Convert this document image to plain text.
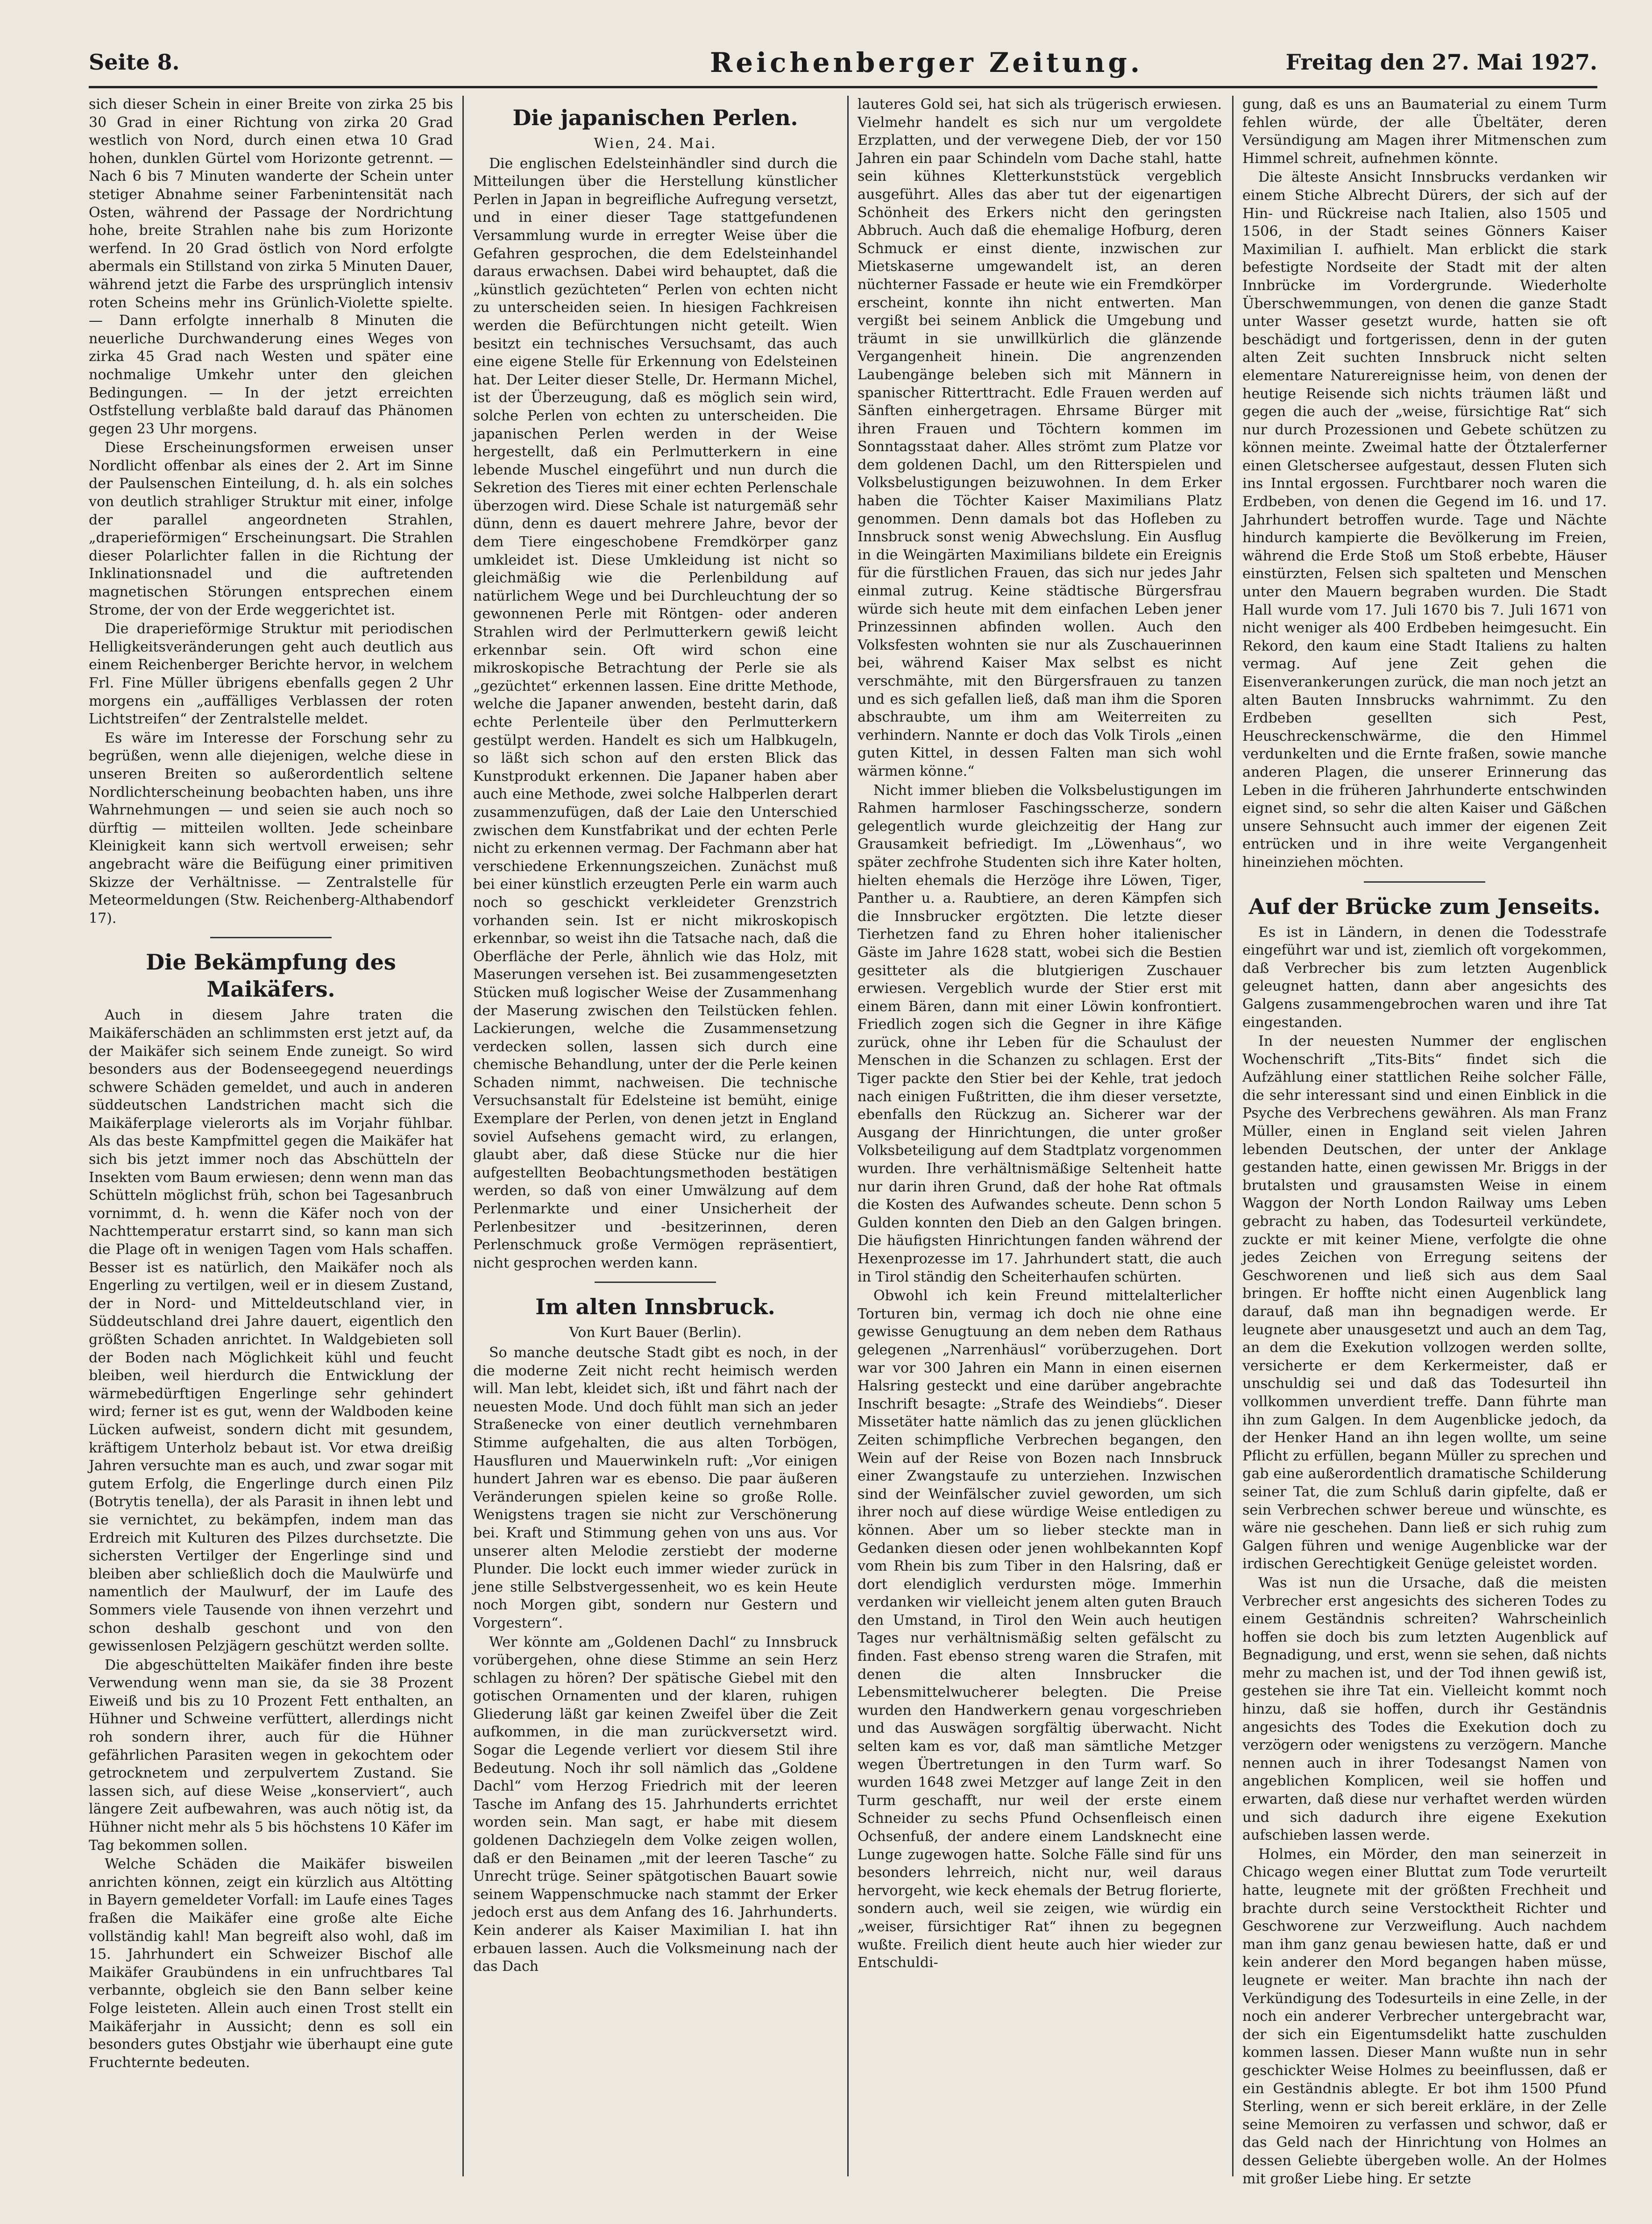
Seite 8.	Reichenberger Zeitung.	Freitag den 27. Mai 1927.

sich dieser Schein in einer Breite von zirka 25 bis 30 Grad in einer Richtung von zirka 20 Grad westlich von Nord, durch einen etwa 10 Grad hohen, dunklen Gürtel vom Horizonte getrennt. — Nach 6 bis 7 Minuten wanderte der Schein unter stetiger Abnahme seiner Farbenintensität nach Osten, während der Passage der Nordrichtung hohe, breite Strahlen nahe bis zum Horizonte werfend. In 20 Grad östlich von Nord erfolgte abermals ein Stillstand von zirka 5 Minuten Dauer, während jetzt die Farbe des ursprünglich intensiv roten Scheins mehr ins Grünlich-Violette spielte. — Dann erfolgte innerhalb 8 Minuten die neuerliche Durchwanderung eines Weges von zirka 45 Grad nach Westen und später eine nochmalige Umkehr unter den gleichen Bedingungen. — In der jetzt erreichten Ostfstellung verblaßte bald darauf das Phänomen gegen 23 Uhr morgens.

Diese Erscheinungsformen erweisen unser Nordlicht offenbar als eines der 2. Art im Sinne der Paulsenschen Einteilung, d. h. als ein solches von deutlich strahliger Struktur mit einer, infolge der parallel angeordneten Strahlen, „draperieförmigen“ Erscheinungsart. Die Strahlen dieser Polarlichter fallen in die Richtung der Inklinationsnadel und die auftretenden magnetischen Störungen entsprechen einem Strome, der von der Erde weggerichtet ist.

Die draperieförmige Struktur mit periodischen Helligkeitsveränderungen geht auch deutlich aus einem Reichenberger Berichte hervor, in welchem Frl. Fine Müller übrigens ebenfalls gegen 2 Uhr morgens ein „auffälliges Verblassen der roten Lichtstreifen“ der Zentralstelle meldet.

Es wäre im Interesse der Forschung sehr zu begrüßen, wenn alle diejenigen, welche diese in unseren Breiten so außerordentlich seltene Nordlichterscheinung beobachten haben, uns ihre Wahrnehmungen — und seien sie auch noch so dürftig — mitteilen wollten. Jede scheinbare Kleinigkeit kann sich wertvoll erweisen; sehr angebracht wäre die Beifügung einer primitiven Skizze der Verhältnisse. — Zentralstelle für Meteormeldungen (Stw. Reichenberg-Althabendorf 17).

Die Bekämpfung des Maikäfers.

Auch in diesem Jahre traten die Maikäferschäden an schlimmsten erst jetzt auf, da der Maikäfer sich seinem Ende zuneigt. So wird besonders aus der Bodenseegegend neuerdings schwere Schäden gemeldet, und auch in anderen süddeutschen Landstrichen macht sich die Maikäferplage vielerorts als im Vorjahr fühlbar. Als das beste Kampfmittel gegen die Maikäfer hat sich bis jetzt immer noch das Abschütteln der Insekten vom Baum erwiesen; denn wenn man das Schütteln möglichst früh, schon bei Tagesanbruch vornimmt, d. h. wenn die Käfer noch von der Nachttemperatur erstarrt sind, so kann man sich die Plage oft in wenigen Tagen vom Hals schaffen. Besser ist es natürlich, den Maikäfer noch als Engerling zu vertilgen, weil er in diesem Zustand, der in Nord- und Mitteldeutschland vier, in Süddeutschland drei Jahre dauert, eigentlich den größten Schaden anrichtet. In Waldgebieten soll der Boden nach Möglichkeit kühl und feucht bleiben, weil hierdurch die Entwicklung der wärmebedürftigen Engerlinge sehr gehindert wird; ferner ist es gut, wenn der Waldboden keine Lücken aufweist, sondern dicht mit gesundem, kräftigem Unterholz bebaut ist. Vor etwa dreißig Jahren versuchte man es auch, und zwar sogar mit gutem Erfolg, die Engerlinge durch einen Pilz (Botrytis tenella), der als Parasit in ihnen lebt und sie vernichtet, zu bekämpfen, indem man das Erdreich mit Kulturen des Pilzes durchsetzte. Die sichersten Vertilger der Engerlinge sind und bleiben aber schließlich doch die Maulwürfe und namentlich der Maulwurf, der im Laufe des Sommers viele Tausende von ihnen verzehrt und schon deshalb geschont und von den gewissenlosen Pelzjägern geschützt werden sollte.

Die abgeschüttelten Maikäfer finden ihre beste Verwendung wenn man sie, da sie 38 Prozent Eiweiß und bis zu 10 Prozent Fett enthalten, an Hühner und Schweine verfüttert, allerdings nicht roh sondern ihrer, auch für die Hühner gefährlichen Parasiten wegen in gekochtem oder getrocknetem und zerpulvertem Zustand. Sie lassen sich, auf diese Weise „konserviert“, auch längere Zeit aufbewahren, was auch nötig ist, da Hühner nicht mehr als 5 bis höchstens 10 Käfer im Tag bekommen sollen.

Welche Schäden die Maikäfer bisweilen anrichten können, zeigt ein kürzlich aus Altötting in Bayern gemeldeter Vorfall: im Laufe eines Tages fraßen die Maikäfer eine große alte Eiche vollständig kahl! Man begreift also wohl, daß im 15. Jahrhundert ein Schweizer Bischof alle Maikäfer Graubündens in ein unfruchtbares Tal verbannte, obgleich sie den Bann selber keine Folge leisteten. Allein auch einen Trost stellt ein Maikäferjahr in Aussicht; denn es soll ein besonders gutes Obstjahr wie überhaupt eine gute Fruchternte bedeuten.

Die japanischen Perlen.

Wien, 24. Mai.

Die englischen Edelsteinhändler sind durch die Mitteilungen über die Herstellung künstlicher Perlen in Japan in begreifliche Aufregung versetzt, und in einer dieser Tage stattgefundenen Versammlung wurde in erregter Weise über die Gefahren gesprochen, die dem Edelsteinhandel daraus erwachsen. Dabei wird behauptet, daß die „künstlich gezüchteten“ Perlen von echten nicht zu unterscheiden seien. In hiesigen Fachkreisen werden die Befürchtungen nicht geteilt. Wien besitzt ein technisches Versuchsamt, das auch eine eigene Stelle für Erkennung von Edelsteinen hat. Der Leiter dieser Stelle, Dr. Hermann Michel, ist der Überzeugung, daß es möglich sein wird, solche Perlen von echten zu unterscheiden. Die japanischen Perlen werden in der Weise hergestellt, daß ein Perlmutterkern in eine lebende Muschel eingeführt und nun durch die Sekretion des Tieres mit einer echten Perlenschale überzogen wird. Diese Schale ist naturgemäß sehr dünn, denn es dauert mehrere Jahre, bevor der dem Tiere eingeschobene Fremdkörper ganz umkleidet ist. Diese Umkleidung ist nicht so gleichmäßig wie die Perlenbildung auf natürlichem Wege und bei Durchleuchtung der so gewonnenen Perle mit Röntgen- oder anderen Strahlen wird der Perlmutterkern gewiß leicht erkennbar sein. Oft wird schon eine mikroskopische Betrachtung der Perle sie als „gezüchtet“ erkennen lassen. Eine dritte Methode, welche die Japaner anwenden, besteht darin, daß echte Perlenteile über den Perlmutterkern gestülpt werden. Handelt es sich um Halbkugeln, so läßt sich schon auf den ersten Blick das Kunstprodukt erkennen. Die Japaner haben aber auch eine Methode, zwei solche Halbperlen derart zusammenzufügen, daß der Laie den Unterschied zwischen dem Kunstfabrikat und der echten Perle nicht zu erkennen vermag. Der Fachmann aber hat verschiedene Erkennungszeichen. Zunächst muß bei einer künstlich erzeugten Perle ein warm auch noch so geschickt verkleideter Grenzstrich vorhanden sein. Ist er nicht mikroskopisch erkennbar, so weist ihn die Tatsache nach, daß die Oberfläche der Perle, ähnlich wie das Holz, mit Maserungen versehen ist. Bei zusammengesetzten Stücken muß logischer Weise der Zusammenhang der Maserung zwischen den Teilstücken fehlen. Lackierungen, welche die Zusammensetzung verdecken sollen, lassen sich durch eine chemische Behandlung, unter der die Perle keinen Schaden nimmt, nachweisen. Die technische Versuchsanstalt für Edelsteine ist bemüht, einige Exemplare der Perlen, von denen jetzt in England soviel Aufsehens gemacht wird, zu erlangen, glaubt aber, daß diese Stücke nur die hier aufgestellten Beobachtungsmethoden bestätigen werden, so daß von einer Umwälzung auf dem Perlenmarkte und einer Unsicherheit der Perlenbesitzer und -besitzerinnen, deren Perlenschmuck große Vermögen repräsentiert, nicht gesprochen werden kann.

Im alten Innsbruck.

Von Kurt Bauer (Berlin).

So manche deutsche Stadt gibt es noch, in der die moderne Zeit nicht recht heimisch werden will. Man lebt, kleidet sich, ißt und fährt nach der neuesten Mode. Und doch fühlt man sich an jeder Straßenecke von einer deutlich vernehmbaren Stimme aufgehalten, die aus alten Torbögen, Hausfluren und Mauerwinkeln ruft: „Vor einigen hundert Jahren war es ebenso. Die paar äußeren Veränderungen spielen keine so große Rolle. Wenigstens tragen sie nicht zur Verschönerung bei. Kraft und Stimmung gehen von uns aus. Vor unserer alten Melodie zerstiebt der moderne Plunder. Die lockt euch immer wieder zurück in jene stille Selbstvergessenheit, wo es kein Heute noch Morgen gibt, sondern nur Gestern und Vorgestern“.

Wer könnte am „Goldenen Dachl“ zu Innsbruck vorübergehen, ohne diese Stimme an sein Herz schlagen zu hören? Der spätische Giebel mit den gotischen Ornamenten und der klaren, ruhigen Gliederung läßt gar keinen Zweifel über die Zeit aufkommen, in die man zurückversetzt wird. Sogar die Legende verliert vor diesem Stil ihre Bedeutung. Noch ihr soll nämlich das „Goldene Dachl“ vom Herzog Friedrich mit der leeren Tasche im Anfang des 15. Jahrhunderts errichtet worden sein. Man sagt, er habe mit diesem goldenen Dachziegeln dem Volke zeigen wollen, daß er den Beinamen „mit der leeren Tasche“ zu Unrecht trüge. Seiner spätgotischen Bauart sowie seinem Wappenschmucke nach stammt der Erker jedoch erst aus dem Anfang des 16. Jahrhunderts. Kein anderer als Kaiser Maximilian I. hat ihn erbauen lassen. Auch die Volksmeinung nach der das Dach

lauteres Gold sei, hat sich als trügerisch erwiesen. Vielmehr handelt es sich nur um vergoldete Erzplatten, und der verwegene Dieb, der vor 150 Jahren ein paar Schindeln vom Dache stahl, hatte sein kühnes Kletterkunststück vergeblich ausgeführt. Alles das aber tut der eigenartigen Schönheit des Erkers nicht den geringsten Abbruch. Auch daß die ehemalige Hofburg, deren Schmuck er einst diente, inzwischen zur Mietskaserne umgewandelt ist, an deren nüchterner Fassade er heute wie ein Fremdkörper erscheint, konnte ihn nicht entwerten. Man vergißt bei seinem Anblick die Umgebung und träumt in sie unwillkürlich die glänzende Vergangenheit hinein. Die angrenzenden Laubengänge beleben sich mit Männern in spanischer Ritterttracht. Edle Frauen werden auf Sänften einhergetragen. Ehrsame Bürger mit ihren Frauen und Töchtern kommen im Sonntagsstaat daher. Alles strömt zum Platze vor dem goldenen Dachl, um den Ritterspielen und Volksbelustigungen beizuwohnen. In dem Erker haben die Töchter Kaiser Maximilians Platz genommen. Denn damals bot das Hofleben zu Innsbruck sonst wenig Abwechslung. Ein Ausflug in die Weingärten Maximilians bildete ein Ereignis für die fürstlichen Frauen, das sich nur jedes Jahr einmal zutrug. Keine städtische Bürgersfrau würde sich heute mit dem einfachen Leben jener Prinzessinnen abfinden wollen. Auch den Volksfesten wohnten sie nur als Zuschauerinnen bei, während Kaiser Max selbst es nicht verschmähte, mit den Bürgersfrauen zu tanzen und es sich gefallen ließ, daß man ihm die Sporen abschraubte, um ihm am Weiterreiten zu verhindern. Nannte er doch das Volk Tirols „einen guten Kittel, in dessen Falten man sich wohl wärmen könne.“

Nicht immer blieben die Volksbelustigungen im Rahmen harmloser Faschingsscherze, sondern gelegentlich wurde gleichzeitig der Hang zur Grausamkeit befriedigt. Im „Löwenhaus“, wo später zechfrohe Studenten sich ihre Kater holten, hielten ehemals die Herzöge ihre Löwen, Tiger, Panther u. a. Raubtiere, an deren Kämpfen sich die Innsbrucker ergötzten. Die letzte dieser Tierhetzen fand zu Ehren hoher italienischer Gäste im Jahre 1628 statt, wobei sich die Bestien gesitteter als die blutgierigen Zuschauer erwiesen. Vergeblich wurde der Stier erst mit einem Bären, dann mit einer Löwin konfrontiert. Friedlich zogen sich die Gegner in ihre Käfige zurück, ohne ihr Leben für die Schaulust der Menschen in die Schanzen zu schlagen. Erst der Tiger packte den Stier bei der Kehle, trat jedoch nach einigen Fußtritten, die ihm dieser versetzte, ebenfalls den Rückzug an. Sicherer war der Ausgang der Hinrichtungen, die unter großer Volksbeteiligung auf dem Stadtplatz vorgenommen wurden. Ihre verhältnismäßige Seltenheit hatte nur darin ihren Grund, daß der hohe Rat oftmals die Kosten des Aufwandes scheute. Denn schon 5 Gulden konnten den Dieb an den Galgen bringen. Die häufigsten Hinrichtungen fanden während der Hexenprozesse im 17. Jahrhundert statt, die auch in Tirol ständig den Scheiterhaufen schürten.

Obwohl ich kein Freund mittelalterlicher Torturen bin, vermag ich doch nie ohne eine gewisse Genugtuung an dem neben dem Rathaus gelegenen „Narrenhäusl“ vorüberzugehen. Dort war vor 300 Jahren ein Mann in einen eisernen Halsring gesteckt und eine darüber angebrachte Inschrift besagte: „Strafe des Weindiebs“. Dieser Missetäter hatte nämlich das zu jenen glücklichen Zeiten schimpfliche Verbrechen begangen, den Wein auf der Reise von Bozen nach Innsbruck einer Zwangstaufe zu unterziehen. Inzwischen sind der Weinfälscher zuviel geworden, um sich ihrer noch auf diese würdige Weise entledigen zu können. Aber um so lieber steckte man in Gedanken diesen oder jenen wohlbekannten Kopf vom Rhein bis zum Tiber in den Halsring, daß er dort elendiglich verdursten möge. Immerhin verdanken wir vielleicht jenem alten guten Brauch den Umstand, in Tirol den Wein auch heutigen Tages nur verhältnismäßig selten gefälscht zu finden. Fast ebenso streng waren die Strafen, mit denen die alten Innsbrucker die Lebensmittelwucherer belegten. Die Preise wurden den Handwerkern genau vorgeschrieben und das Auswägen sorgfältig überwacht. Nicht selten kam es vor, daß man sämtliche Metzger wegen Übertretungen in den Turm warf. So wurden 1648 zwei Metzger auf lange Zeit in den Turm geschafft, nur weil der erste einem Schneider zu sechs Pfund Ochsenfleisch einen Ochsenfuß, der andere einem Landsknecht eine Lunge zugewogen hatte. Solche Fälle sind für uns besonders lehrreich, nicht nur, weil daraus hervorgeht, wie keck ehemals der Betrug florierte, sondern auch, weil sie zeigen, wie würdig ein „weiser, fürsichtiger Rat“ ihnen zu begegnen wußte. Freilich dient heute auch hier wieder zur Entschuldi-

gung, daß es uns an Baumaterial zu einem Turm fehlen würde, der alle Übeltäter, deren Versündigung am Magen ihrer Mitmenschen zum Himmel schreit, aufnehmen könnte.

Die älteste Ansicht Innsbrucks verdanken wir einem Stiche Albrecht Dürers, der sich auf der Hin- und Rückreise nach Italien, also 1505 und 1506, in der Stadt seines Gönners Kaiser Maximilian I. aufhielt. Man erblickt die stark befestigte Nordseite der Stadt mit der alten Innbrücke im Vordergrunde. Wiederholte Überschwemmungen, von denen die ganze Stadt unter Wasser gesetzt wurde, hatten sie oft beschädigt und fortgerissen, denn in der guten alten Zeit suchten Innsbruck nicht selten elementare Naturereignisse heim, von denen der heutige Reisende sich nichts träumen läßt und gegen die auch der „weise, fürsichtige Rat“ sich nur durch Prozessionen und Gebete schützen zu können meinte. Zweimal hatte der Ötztalerferner einen Gletschersee aufgestaut, dessen Fluten sich ins Inntal ergossen. Furchtbarer noch waren die Erdbeben, von denen die Gegend im 16. und 17. Jahrhundert betroffen wurde. Tage und Nächte hindurch kampierte die Bevölkerung im Freien, während die Erde Stoß um Stoß erbebte, Häuser einstürzten, Felsen sich spalteten und Menschen unter den Mauern begraben wurden. Die Stadt Hall wurde vom 17. Juli 1670 bis 7. Juli 1671 von nicht weniger als 400 Erdbeben heimgesucht. Ein Rekord, den kaum eine Stadt Italiens zu halten vermag. Auf jene Zeit gehen die Eisenverankerungen zurück, die man noch jetzt an alten Bauten Innsbrucks wahrnimmt. Zu den Erdbeben gesellten sich Pest, Heuschreckenschwärme, die den Himmel verdunkelten und die Ernte fraßen, sowie manche anderen Plagen, die unserer Erinnerung das Leben in die früheren Jahrhunderte entschwinden eignet sind, so sehr die alten Kaiser und Gäßchen unsere Sehnsucht auch immer der eigenen Zeit entrücken und in ihre weite Vergangenheit hineinziehen möchten.

Auf der Brücke zum Jenseits.

Es ist in Ländern, in denen die Todesstrafe eingeführt war und ist, ziemlich oft vorgekommen, daß Verbrecher bis zum letzten Augenblick geleugnet hatten, dann aber angesichts des Galgens zusammengebrochen waren und ihre Tat eingestanden.

In der neuesten Nummer der englischen Wochenschrift „Tits-Bits“ findet sich die Aufzählung einer stattlichen Reihe solcher Fälle, die sehr interessant sind und einen Einblick in die Psyche des Verbrechens gewähren. Als man Franz Müller, einen in England seit vielen Jahren lebenden Deutschen, der unter der Anklage gestanden hatte, einen gewissen Mr. Briggs in der brutalsten und grausamsten Weise in einem Waggon der North London Railway ums Leben gebracht zu haben, das Todesurteil verkündete, zuckte er mit keiner Miene, verfolgte die ohne jedes Zeichen von Erregung seitens der Geschworenen und ließ sich aus dem Saal bringen. Er hoffte nicht einen Augenblick lang darauf, daß man ihn begnadigen werde. Er leugnete aber unausgesetzt und auch an dem Tag, an dem die Exekution vollzogen werden sollte, versicherte er dem Kerkermeister, daß er unschuldig sei und daß das Todesurteil ihn vollkommen unverdient treffe. Dann führte man ihn zum Galgen. In dem Augenblicke jedoch, da der Henker Hand an ihn legen wollte, um seine Pflicht zu erfüllen, begann Müller zu sprechen und gab eine außerordentlich dramatische Schilderung seiner Tat, die zum Schluß darin gipfelte, daß er sein Verbrechen schwer bereue und wünschte, es wäre nie geschehen. Dann ließ er sich ruhig zum Galgen führen und wenige Augenblicke war der irdischen Gerechtigkeit Genüge geleistet worden.

Was ist nun die Ursache, daß die meisten Verbrecher erst angesichts des sicheren Todes zu einem Geständnis schreiten? Wahrscheinlich hoffen sie doch bis zum letzten Augenblick auf Begnadigung, und erst, wenn sie sehen, daß nichts mehr zu machen ist, und der Tod ihnen gewiß ist, gestehen sie ihre Tat ein. Vielleicht kommt noch hinzu, daß sie hoffen, durch ihr Geständnis angesichts des Todes die Exekution doch zu verzögern oder wenigstens zu verzögern. Manche nennen auch in ihrer Todesangst Namen von angeblichen Komplicen, weil sie hoffen und erwarten, daß diese nur verhaftet werden würden und sich dadurch ihre eigene Exekution aufschieben lassen werde.

Holmes, ein Mörder, den man seinerzeit in Chicago wegen einer Bluttat zum Tode verurteilt hatte, leugnete mit der größten Frechheit und brachte durch seine Verstocktheit Richter und Geschworene zur Verzweiflung. Auch nachdem man ihm ganz genau bewiesen hatte, daß er und kein anderer den Mord begangen haben müsse, leugnete er weiter. Man brachte ihn nach der Verkündigung des Todesurteils in eine Zelle, in der noch ein anderer Verbrecher untergebracht war, der sich ein Eigentumsdelikt hatte zuschulden kommen lassen. Dieser Mann wußte nun in sehr geschickter Weise Holmes zu beeinflussen, daß er ein Geständnis ablegte. Er bot ihm 1500 Pfund Sterling, wenn er sich bereit erkläre, in der Zelle seine Memoiren zu verfassen und schwor, daß er das Geld nach der Hinrichtung von Holmes an dessen Geliebte übergeben wolle. An der Holmes mit großer Liebe hing. Er setzte
